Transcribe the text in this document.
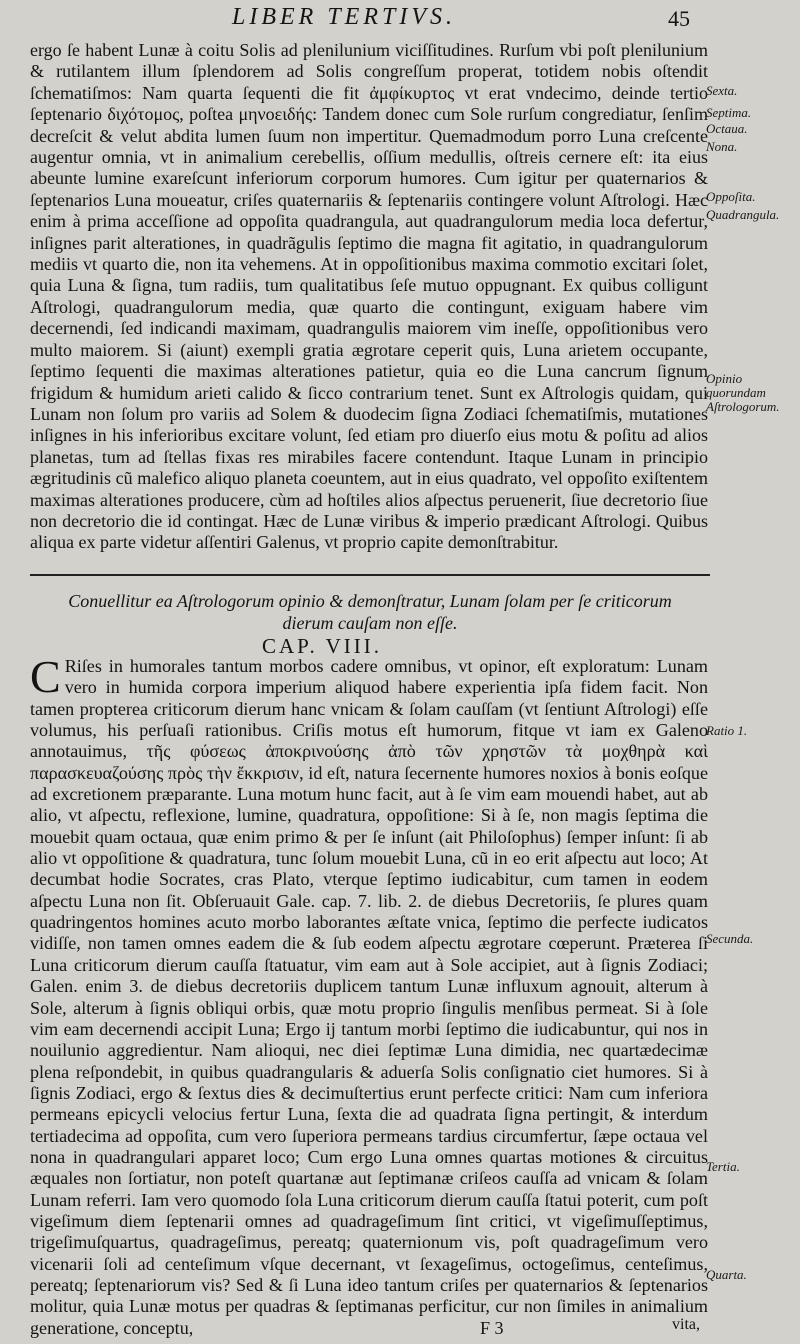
LIBER TERTIVS.	45

ergo ſe habent Lunæ à coitu Solis ad plenilunium viciſſitudines. Rurſum vbi poſt plenilunium & rutilantem illum ſplendorem ad Solis congreſſum properat, totidem nobis oſtendit ſchematiſmos: Nam quarta ſequenti die fit ἀμφίκυρτος vt erat vndecimo, deinde tertio ſeptenario διχότομος, poſtea μηνοειδής: Tandem donec cum Sole rurſum congrediatur, ſenſim decreſcit & velut abdita lumen ſuum non impertitur. Quemadmodum porro Luna creſcente augentur omnia, vt in animalium cerebellis, oſſium medullis, oſtreis cernere eſt: ita eius abeunte lumine exareſcunt inferiorum corporum humores. Cum igitur per quaternarios & ſeptenarios Luna moueatur, criſes quaternariis & ſeptenariis contingere volunt Aſtrologi. Hæc enim à prima acceſſione ad oppoſita quadrangula, aut quadrangulorum media loca defertur, inſignes parit alterationes, in quadrãgulis ſeptimo die magna fit agitatio, in quadrangulorum mediis vt quarto die, non ita vehemens. At in oppoſitionibus maxima commotio excitari ſolet, quia Luna & ſigna, tum radiis, tum qualitatibus ſeſe mutuo oppugnant. Ex quibus colligunt Aſtrologi, quadrangulorum media, quæ quarto die contingunt, exiguam habere vim decernendi, ſed indicandi maximam, quadrangulis maiorem vim ineſſe, oppoſitionibus vero multo maiorem. Si (aiunt) exempli gratia ægrotare ceperit quis, Luna arietem occupante, ſeptimo ſequenti die maximas alterationes patietur, quia eo die Luna cancrum ſignum frigidum & humidum arieti calido & ſicco contrarium tenet. Sunt ex Aſtrologis quidam, qui Lunam non ſolum pro variis ad Solem & duodecim ſigna Zodiaci ſchematiſmis, mutationes inſignes in his inferioribus excitare volunt, ſed etiam pro diuerſo eius motu & poſitu ad alios planetas, tum ad ſtellas fixas res mirabiles facere contendunt. Itaque Lunam in principio ægritudinis cũ malefico aliquo planeta coeuntem, aut in eius quadrato, vel oppoſito exiſtentem maximas alterationes producere, cùm ad hoſtiles alios aſpectus peruenerit, ſiue decretorio ſiue non decretorio die id contingat. Hæc de Lunæ viribus & imperio prædicant Aſtrologi. Quibus aliqua ex parte videtur aſſentiri Galenus, vt proprio capite demonſtrabitur.

Conuellitur ea Aſtrologorum opinio & demonſtratur, Lunam ſolam per ſe criticorum dierum cauſam non eſſe.
CAP. VIII.
C Riſes in humorales tantum morbos cadere omnibus, vt opinor, eſt exploratum: Lunam vero in humida corpora imperium aliquod habere experientia ipſa fidem facit. Non tamen propterea criticorum dierum hanc vnicam & ſolam cauſſam (vt ſentiunt Aſtrologi) eſſe volumus, his perſuaſi rationibus. Criſis motus eſt humorum, fitque vt iam ex Galeno annotauimus, τῆς φύσεως ἀποκρινούσης ἀπὸ τῶν χρηστῶν τὰ μοχθηρὰ καὶ παρασκευαζούσης πρὸς τὴν ἔκκρισιν, id eſt, natura ſecernente humores noxios à bonis eoſque ad excretionem præparante. Luna motum hunc facit, aut à ſe vim eam mouendi habet, aut ab alio, vt aſpectu, reflexione, lumine, quadratura, oppoſitione: Si à ſe, non magis ſeptima die mouebit quam octaua, quæ enim primo & per ſe inſunt (ait Philoſophus) ſemper inſunt: ſi ab alio vt oppoſitione & quadratura, tunc ſolum mouebit Luna, cũ in eo erit aſpectu aut loco; At decumbat hodie Socrates, cras Plato, vterque ſeptimo iudicabitur, cum tamen in eodem aſpectu Luna non ſit. Obſeruauit Gale. cap. 7. lib. 2. de diebus Decretoriis, ſe plures quam quadringentos homines acuto morbo laborantes æſtate vnica, ſeptimo die perfecte iudicatos vidiſſe, non tamen omnes eadem die & ſub eodem aſpectu ægrotare cœperunt. Præterea ſi Luna criticorum dierum cauſſa ſtatuatur, vim eam aut à Sole accipiet, aut à ſignis Zodiaci; Galen. enim 3. de diebus decretoriis duplicem tantum Lunæ influxum agnouit, alterum à Sole, alterum à ſignis obliqui orbis, quæ motu proprio ſingulis menſibus permeat. Si à ſole vim eam decernendi accipit Luna; Ergo ij tantum morbi ſeptimo die iudicabuntur, qui nos in nouilunio aggredientur. Nam alioqui, nec diei ſeptimæ Luna dimidia, nec quartædecimæ plena reſpondebit, in quibus quadrangularis & aduerſa Solis conſignatio ciet humores. Si à ſignis Zodiaci, ergo & ſextus dies & decimuſtertius erunt perfecte critici: Nam cum inferiora permeans epicycli velocius fertur Luna, ſexta die ad quadrata ſigna pertingit, & interdum tertiadecima ad oppoſita, cum vero ſuperiora permeans tardius circumfertur, ſæpe octaua vel nona in quadrangulari apparet loco; Cum ergo Luna omnes quartas motiones & circuitus æquales non ſortiatur, non poteſt quartanæ aut ſeptimanæ criſeos cauſſa ad vnicam & ſolam Lunam referri. Iam vero quomodo ſola Luna criticorum dierum cauſſa ſtatui poterit, cum poſt vigeſimum diem ſeptenarii omnes ad quadrageſimum ſint critici, vt vigeſimuſſeptimus, trigeſimuſquartus, quadrageſimus, pereatq; quaternionum vis, poſt quadrageſimum vero vicenarii ſoli ad centeſimum vſque decernant, vt ſexageſimus, octogeſimus, centeſimus, pereatq; ſeptenariorum vis? Sed & ſi Luna ideo tantum criſes per quaternarios & ſeptenarios molitur, quia Lunæ motus per quadras & ſeptimanas perficitur, cur non ſimiles in animalium generatione, conceptu,

Sexta.
Septima.
Octaua.
Nona.
Oppoſita.
Quadrangula.
Opinio quorundam Aſtrologorum.
Ratio 1.
Secunda.
Tertia.
Quarta.
F 3	vita,
